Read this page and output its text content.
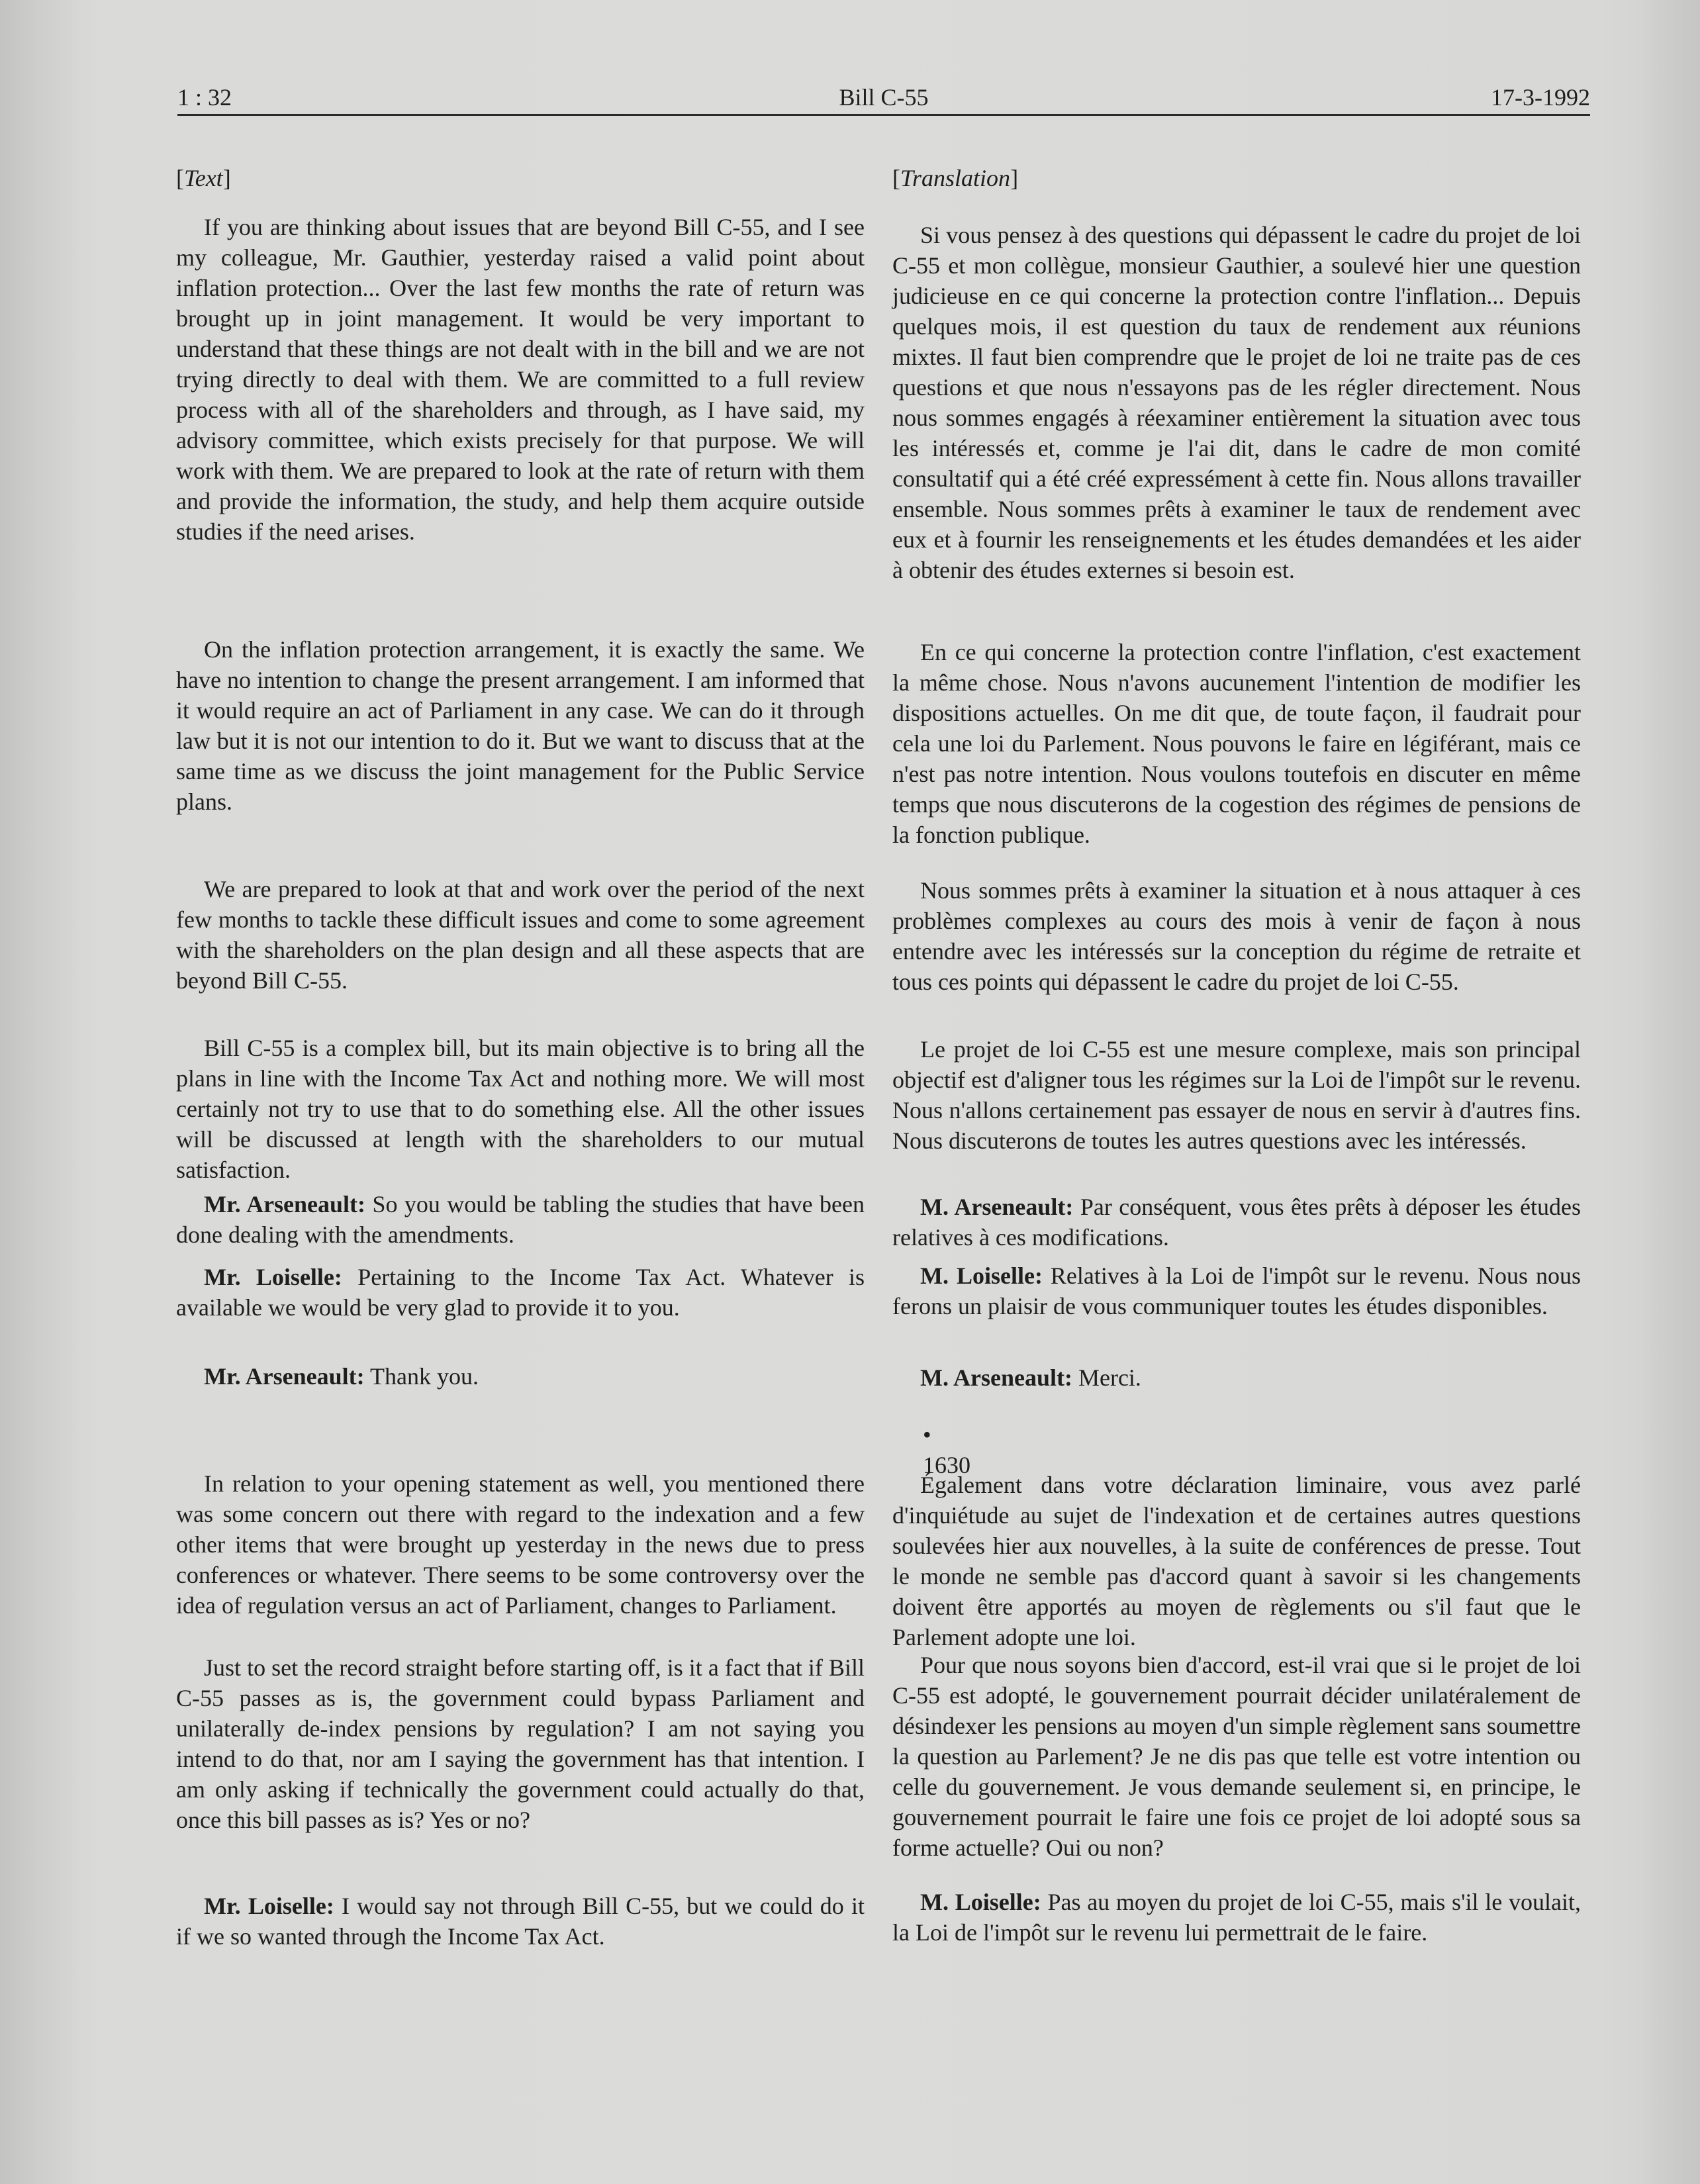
1 : 32	Bill C-55	17-3-1992

[Text]

If you are thinking about issues that are beyond Bill C-55, and I see my colleague, Mr. Gauthier, yesterday raised a valid point about inflation protection... Over the last few months the rate of return was brought up in joint management. It would be very important to understand that these things are not dealt with in the bill and we are not trying directly to deal with them. We are committed to a full review process with all of the shareholders and through, as I have said, my advisory committee, which exists precisely for that purpose. We will work with them. We are prepared to look at the rate of return with them and provide the information, the study, and help them acquire outside studies if the need arises.

On the inflation protection arrangement, it is exactly the same. We have no intention to change the present arrangement. I am informed that it would require an act of Parliament in any case. We can do it through law but it is not our intention to do it. But we want to discuss that at the same time as we discuss the joint management for the Public Service plans.

We are prepared to look at that and work over the period of the next few months to tackle these difficult issues and come to some agreement with the shareholders on the plan design and all these aspects that are beyond Bill C-55.

Bill C-55 is a complex bill, but its main objective is to bring all the plans in line with the Income Tax Act and nothing more. We will most certainly not try to use that to do something else. All the other issues will be discussed at length with the shareholders to our mutual satisfaction.

Mr. Arseneault: So you would be tabling the studies that have been done dealing with the amendments.

Mr. Loiselle: Pertaining to the Income Tax Act. Whatever is available we would be very glad to provide it to you.

Mr. Arseneault: Thank you.

• 1630

In relation to your opening statement as well, you mentioned there was some concern out there with regard to the indexation and a few other items that were brought up yesterday in the news due to press conferences or whatever. There seems to be some controversy over the idea of regulation versus an act of Parliament, changes to Parliament.

Just to set the record straight before starting off, is it a fact that if Bill C-55 passes as is, the government could bypass Parliament and unilaterally de-index pensions by regulation? I am not saying you intend to do that, nor am I saying the government has that intention. I am only asking if technically the government could actually do that, once this bill passes as is? Yes or no?

Mr. Loiselle: I would say not through Bill C-55, but we could do it if we so wanted through the Income Tax Act.

[Translation]

Si vous pensez à des questions qui dépassent le cadre du projet de loi C-55 et mon collègue, monsieur Gauthier, a soulevé hier une question judicieuse en ce qui concerne la protection contre l'inflation... Depuis quelques mois, il est question du taux de rendement aux réunions mixtes. Il faut bien comprendre que le projet de loi ne traite pas de ces questions et que nous n'essayons pas de les régler directement. Nous nous sommes engagés à réexaminer entièrement la situation avec tous les intéressés et, comme je l'ai dit, dans le cadre de mon comité consultatif qui a été créé expressément à cette fin. Nous allons travailler ensemble. Nous sommes prêts à examiner le taux de rendement avec eux et à fournir les renseignements et les études demandées et les aider à obtenir des études externes si besoin est.

En ce qui concerne la protection contre l'inflation, c'est exactement la même chose. Nous n'avons aucunement l'intention de modifier les dispositions actuelles. On me dit que, de toute façon, il faudrait pour cela une loi du Parlement. Nous pouvons le faire en légiférant, mais ce n'est pas notre intention. Nous voulons toutefois en discuter en même temps que nous discuterons de la cogestion des régimes de pensions de la fonction publique.

Nous sommes prêts à examiner la situation et à nous attaquer à ces problèmes complexes au cours des mois à venir de façon à nous entendre avec les intéressés sur la conception du régime de retraite et tous ces points qui dépassent le cadre du projet de loi C-55.

Le projet de loi C-55 est une mesure complexe, mais son principal objectif est d'aligner tous les régimes sur la Loi de l'impôt sur le revenu. Nous n'allons certainement pas essayer de nous en servir à d'autres fins. Nous discuterons de toutes les autres questions avec les intéressés.

M. Arseneault: Par conséquent, vous êtes prêts à déposer les études relatives à ces modifications.

M. Loiselle: Relatives à la Loi de l'impôt sur le revenu. Nous nous ferons un plaisir de vous communiquer toutes les études disponibles.

M. Arseneault: Merci.

Également dans votre déclaration liminaire, vous avez parlé d'inquiétude au sujet de l'indexation et de certaines autres questions soulevées hier aux nouvelles, à la suite de conférences de presse. Tout le monde ne semble pas d'accord quant à savoir si les changements doivent être apportés au moyen de règlements ou s'il faut que le Parlement adopte une loi.

Pour que nous soyons bien d'accord, est-il vrai que si le projet de loi C-55 est adopté, le gouvernement pourrait décider unilatéralement de désindexer les pensions au moyen d'un simple règlement sans soumettre la question au Parlement? Je ne dis pas que telle est votre intention ou celle du gouvernement. Je vous demande seulement si, en principe, le gouvernement pourrait le faire une fois ce projet de loi adopté sous sa forme actuelle? Oui ou non?

M. Loiselle: Pas au moyen du projet de loi C-55, mais s'il le voulait, la Loi de l'impôt sur le revenu lui permettrait de le faire.
